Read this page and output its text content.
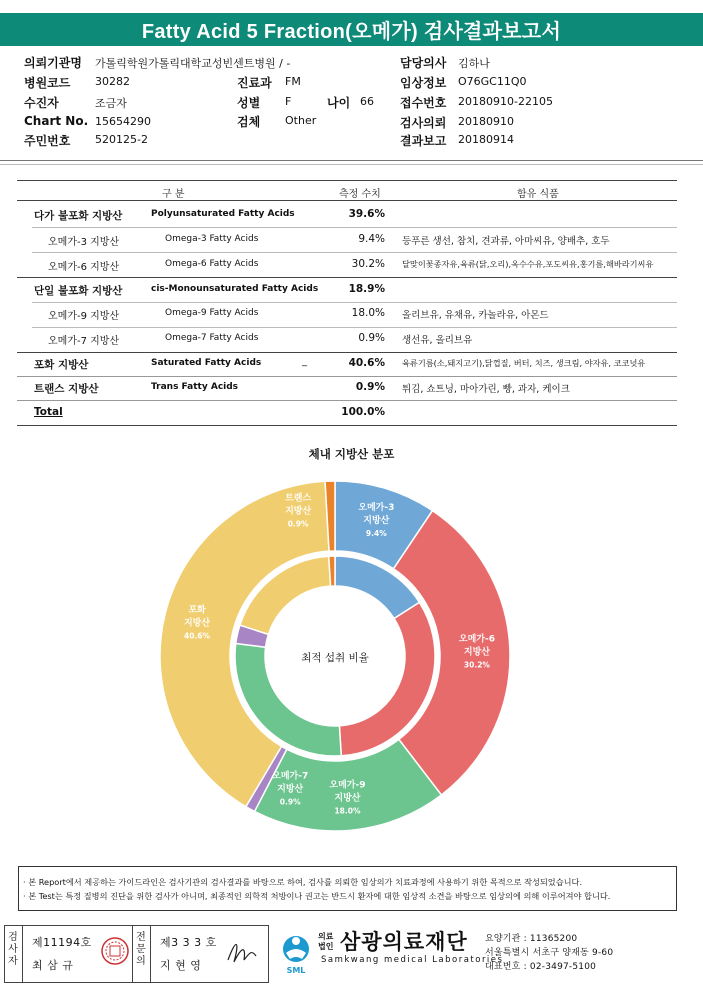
Fatty Acid 5 Fraction(오메가) 검사결과보고서
의뢰기관명 가톨릭학원가톨릭대학교성빈센트병원 / -
병원코드 30282	진료과 FM
수진자	조금자	성별 F	나이 66
Chart No. 15654290	검체 Other
주민번호 520125-2
담당의사 김하나
임상정보 O76GC11Q0
접수번호 20180910-22105
검사의뢰 20180910
결과보고 20180914
구 분	측정 수치	함유 식품
다가 불포화 지방산	Polyunsaturated Fatty Acids	39.6%
오메가-3 지방산	Omega-3 Fatty Acids	9.4% 등푸른 생선, 참치, 견과류, 아마씨유, 양배추, 호두
오메가-6 지방산	Omega-6 Fatty Acids	30.2% 달맞이꽃종자유,육류(닭,오리),옥수수유,포도씨유,홍기름,해바라기씨유
단일 불포화 지방산	cis-Monounsaturated Fatty Acids	18.9%
오메가-9 지방산	Omega-9 Fatty Acids	18.0% 올리브유, 유채유, 카놀라유, 아몬드
오메가-7 지방산	Omega-7 Fatty Acids	0.9% 생선유, 올리브유
포화 지방산	Saturated Fatty Acids	_	40.6% 육류기름(소,돼지고기),닭껍질, 버터, 치즈, 생크림, 야자유, 코코넛유
트랜스 지방산	Trans Fatty Acids	0.9% 튀김, 쇼트닝, 마아가린, 빵, 과자, 케이크
Total	100.0%
체내 지방산 분포
최적 섭취 비율
오메가-3
지방산
9.4%
오메가-6
지방산
30.2%
오메가-9
지방산
18.0%
오메가-7
지방산
0.9%
포화
지방산
40.6%
트랜스
지방산
0.9%
· 본 Report에서 제공하는 가이드라인은 검사기관의 검사결과를 바탕으로 하여, 검사를 의뢰한 임상의가 치료과정에 사용하기 위한 목적으로 작성되었습니다.
· 본 Test는 특정 질병의 진단을 위한 검사가 아니며, 최종적인 의학적 처방이나 권고는 반드시 환자에 대한 임상적 소견을 바탕으로 임상의에 의해 이루어져야 합니다.
검
사
자
제11194호
최 삼 규
전
문
의
제3 3 3 호
지 현 영	SML
의료 법인 삼광의료재단
Samkwang medical Laboratories
요양기관 : 11365200
서울특별시 서초구 양재동 9-60
대표번호 : 02-3497-5100
